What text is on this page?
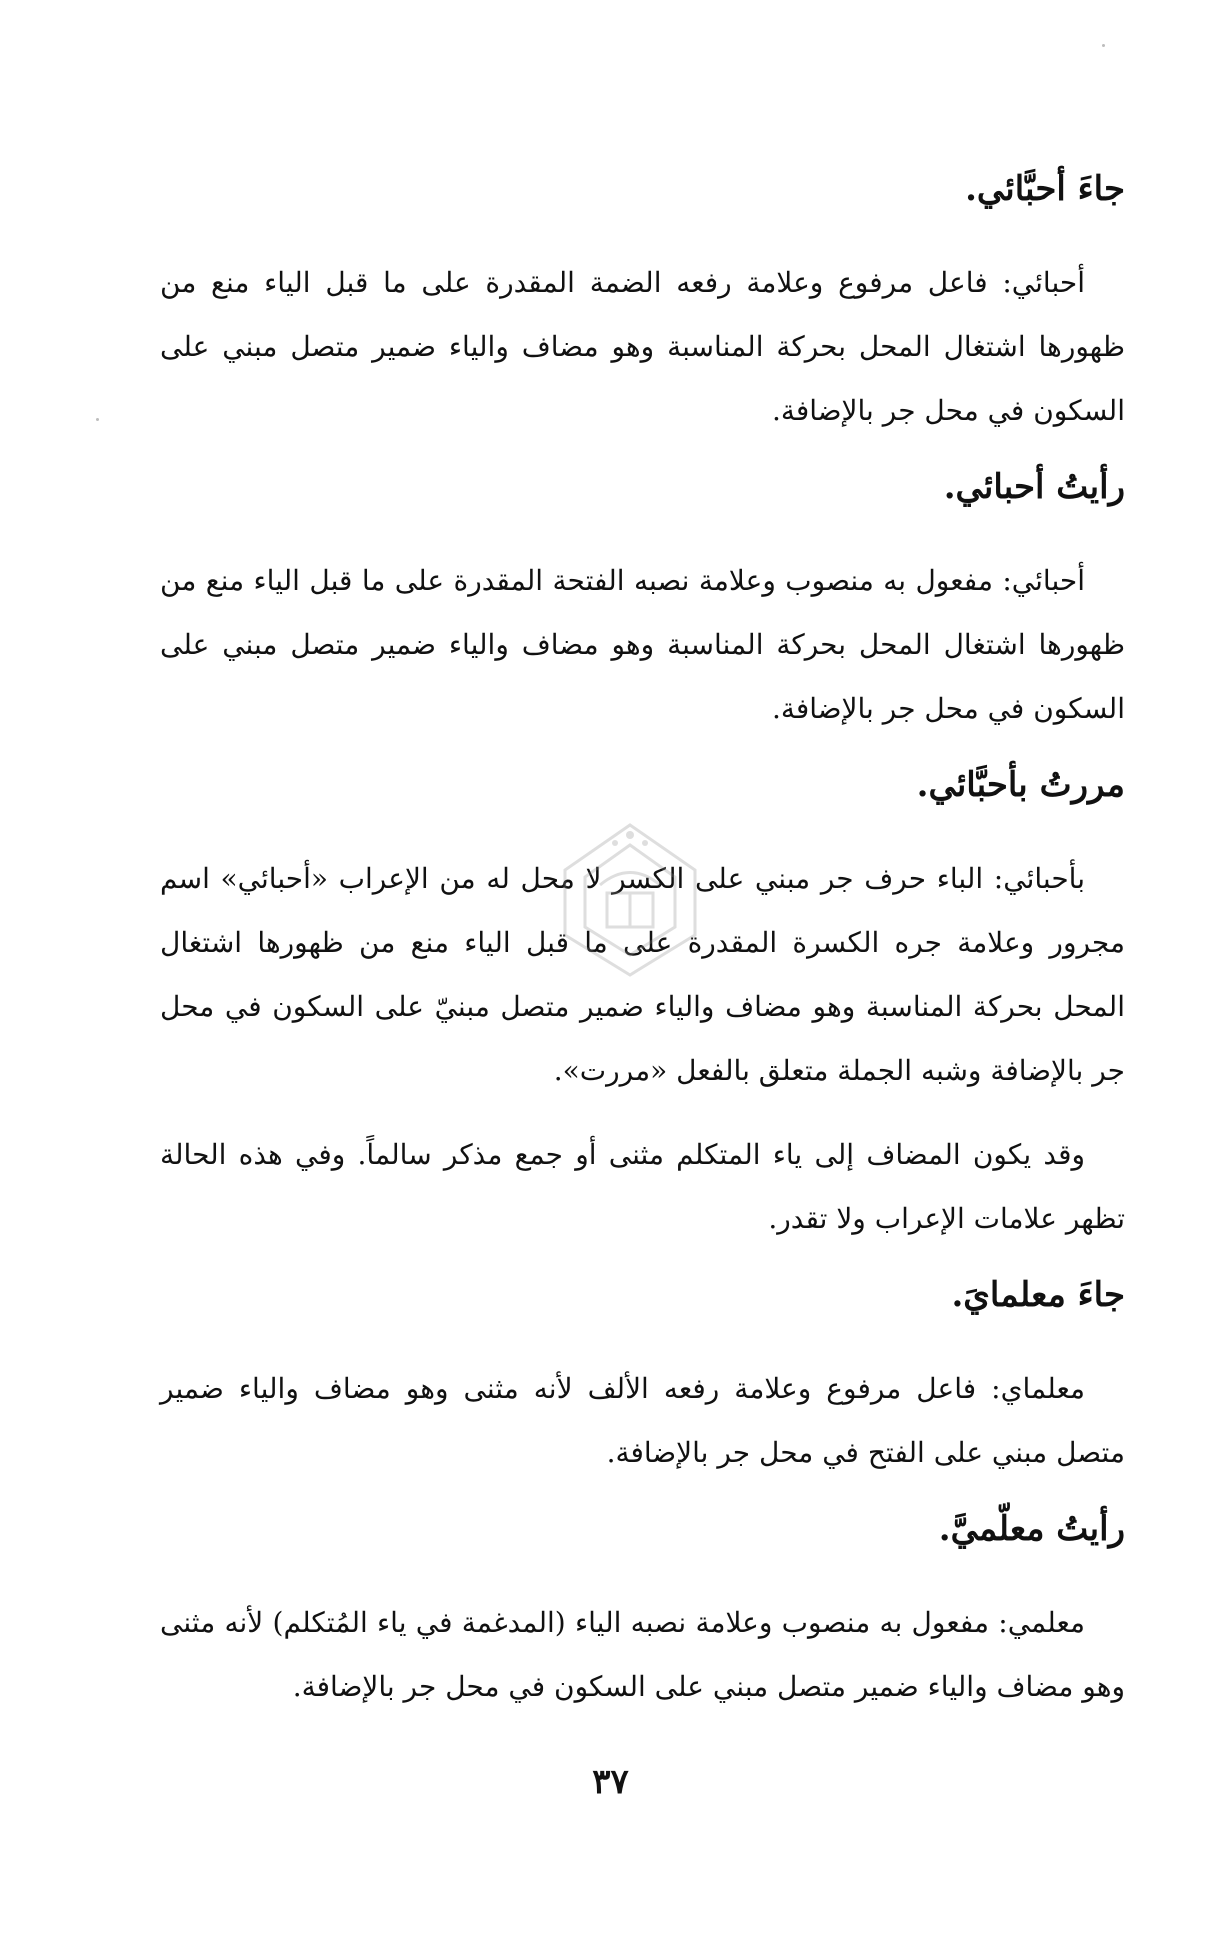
جاءَ أحبَّائي.

أحبائي: فاعل مرفوع وعلامة رفعه الضمة المقدرة على ما قبل الياء منع من ظهورها اشتغال المحل بحركة المناسبة وهو مضاف والياء ضمير متصل مبني على السكون في محل جر بالإضافة.

رأيتُ أحبائي.

أحبائي: مفعول به منصوب وعلامة نصبه الفتحة المقدرة على ما قبل الياء منع من ظهورها اشتغال المحل بحركة المناسبة وهو مضاف والياء ضمير متصل مبني على السكون في محل جر بالإضافة.

مررتُ بأحبَّائي.

بأحبائي: الباء حرف جر مبني على الكسر لا محل له من الإعراب «أحبائي» اسم مجرور وعلامة جره الكسرة المقدرة على ما قبل الياء منع من ظهورها اشتغال المحل بحركة المناسبة وهو مضاف والياء ضمير متصل مبنيّ على السكون في محل جر بالإضافة وشبه الجملة متعلق بالفعل «مررت».

وقد يكون المضاف إلى ياء المتكلم مثنى أو جمع مذكر سالماً. وفي هذه الحالة تظهر علامات الإعراب ولا تقدر.

جاءَ معلمايَ.

معلماي: فاعل مرفوع وعلامة رفعه الألف لأنه مثنى وهو مضاف والياء ضمير متصل مبني على الفتح في محل جر بالإضافة.

رأيتُ معلّميَّ.

معلمي: مفعول به منصوب وعلامة نصبه الياء (المدغمة في ياء المُتكلم) لأنه مثنى وهو مضاف والياء ضمير متصل مبني على السكون في محل جر بالإضافة.

٣٧
